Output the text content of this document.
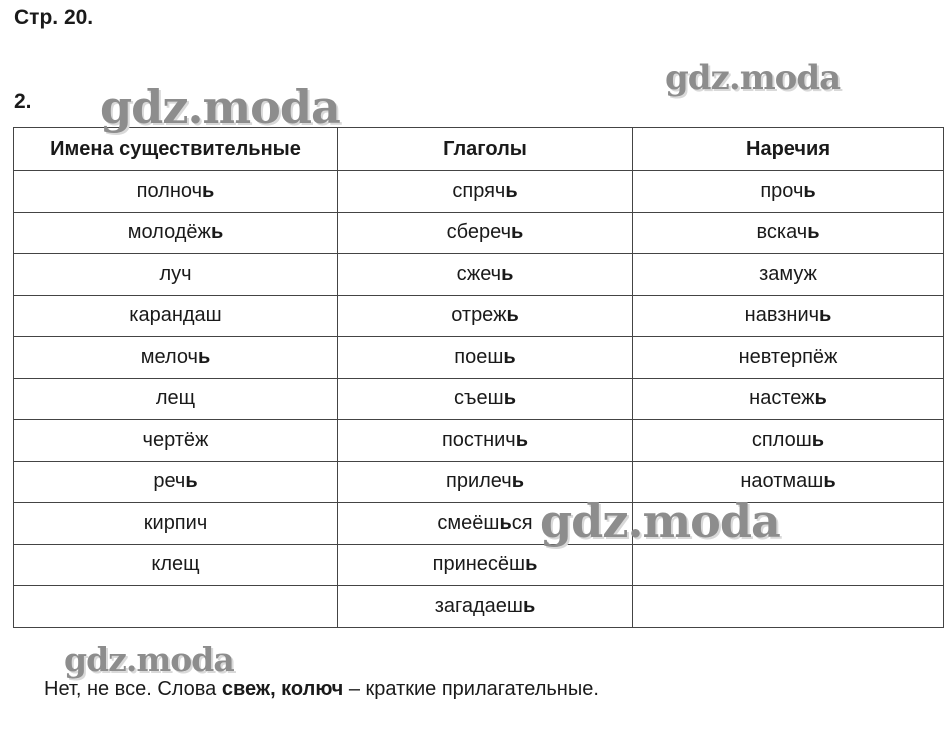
Стр. 20.
2.
Имена существительные	Глаголы	Наречия
полночь	спрячь	прочь
молодёжь	сберечь	вскачь
луч	сжечь	замуж
карандаш	отрежь	навзничь
мелочь	поешь	невтерпёж
лещ	съешь	настежь
чертёж	постничь	сплошь
речь	прилечь	наотмашь
кирпич	смеёшься	
клещ	принесёшь	
	загадаешь	
gdz.moda
gdz.moda
gdz.moda
gdz.moda
Нет, не все. Слова свеж, колюч – краткие прилагательные.
